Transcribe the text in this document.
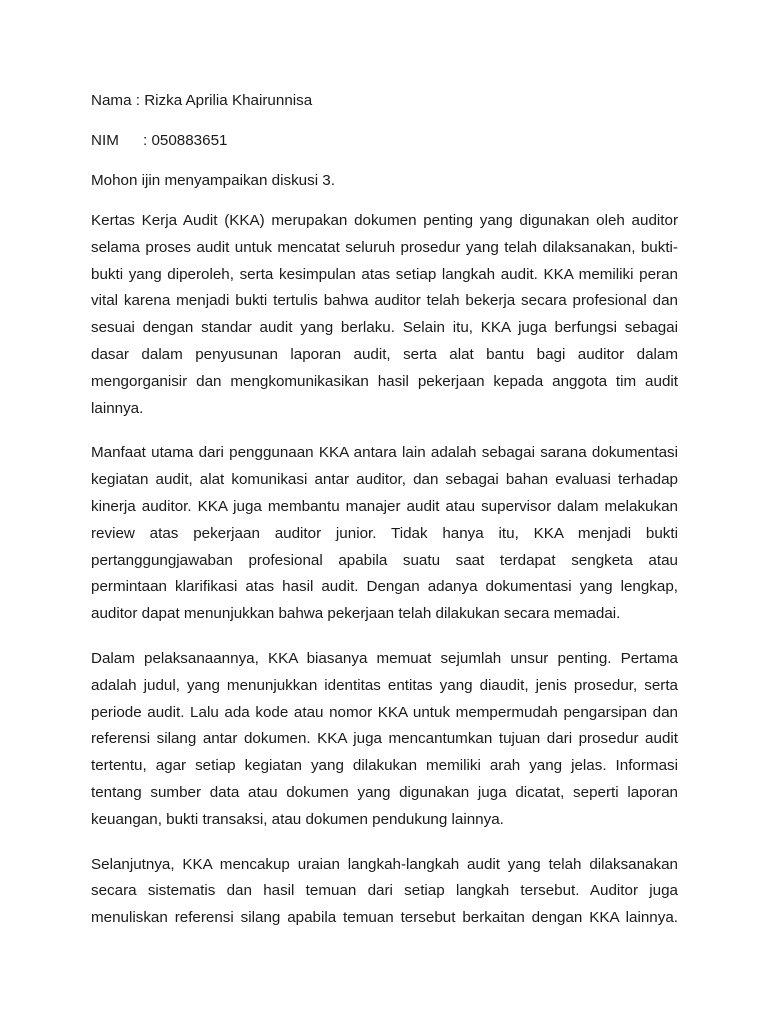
Nama : Rizka Aprilia Khairunnisa
NIM : 050883651
Mohon ijin menyampaikan diskusi 3.

Kertas Kerja Audit (KKA) merupakan dokumen penting yang digunakan oleh auditor selama proses audit untuk mencatat seluruh prosedur yang telah dilaksanakan, bukti-bukti yang diperoleh, serta kesimpulan atas setiap langkah audit. KKA memiliki peran vital karena menjadi bukti tertulis bahwa auditor telah bekerja secara profesional dan sesuai dengan standar audit yang berlaku. Selain itu, KKA juga berfungsi sebagai dasar dalam penyusunan laporan audit, serta alat bantu bagi auditor dalam mengorganisir dan mengkomunikasikan hasil pekerjaan kepada anggota tim audit lainnya.

Manfaat utama dari penggunaan KKA antara lain adalah sebagai sarana dokumentasi kegiatan audit, alat komunikasi antar auditor, dan sebagai bahan evaluasi terhadap kinerja auditor. KKA juga membantu manajer audit atau supervisor dalam melakukan review atas pekerjaan auditor junior. Tidak hanya itu, KKA menjadi bukti pertanggungjawaban profesional apabila suatu saat terdapat sengketa atau permintaan klarifikasi atas hasil audit. Dengan adanya dokumentasi yang lengkap, auditor dapat menunjukkan bahwa pekerjaan telah dilakukan secara memadai.

Dalam pelaksanaannya, KKA biasanya memuat sejumlah unsur penting. Pertama adalah judul, yang menunjukkan identitas entitas yang diaudit, jenis prosedur, serta periode audit. Lalu ada kode atau nomor KKA untuk mempermudah pengarsipan dan referensi silang antar dokumen. KKA juga mencantumkan tujuan dari prosedur audit tertentu, agar setiap kegiatan yang dilakukan memiliki arah yang jelas. Informasi tentang sumber data atau dokumen yang digunakan juga dicatat, seperti laporan keuangan, bukti transaksi, atau dokumen pendukung lainnya.

Selanjutnya, KKA mencakup uraian langkah-langkah audit yang telah dilaksanakan secara sistematis dan hasil temuan dari setiap langkah tersebut. Auditor juga menuliskan referensi silang apabila temuan tersebut berkaitan dengan KKA lainnya.
